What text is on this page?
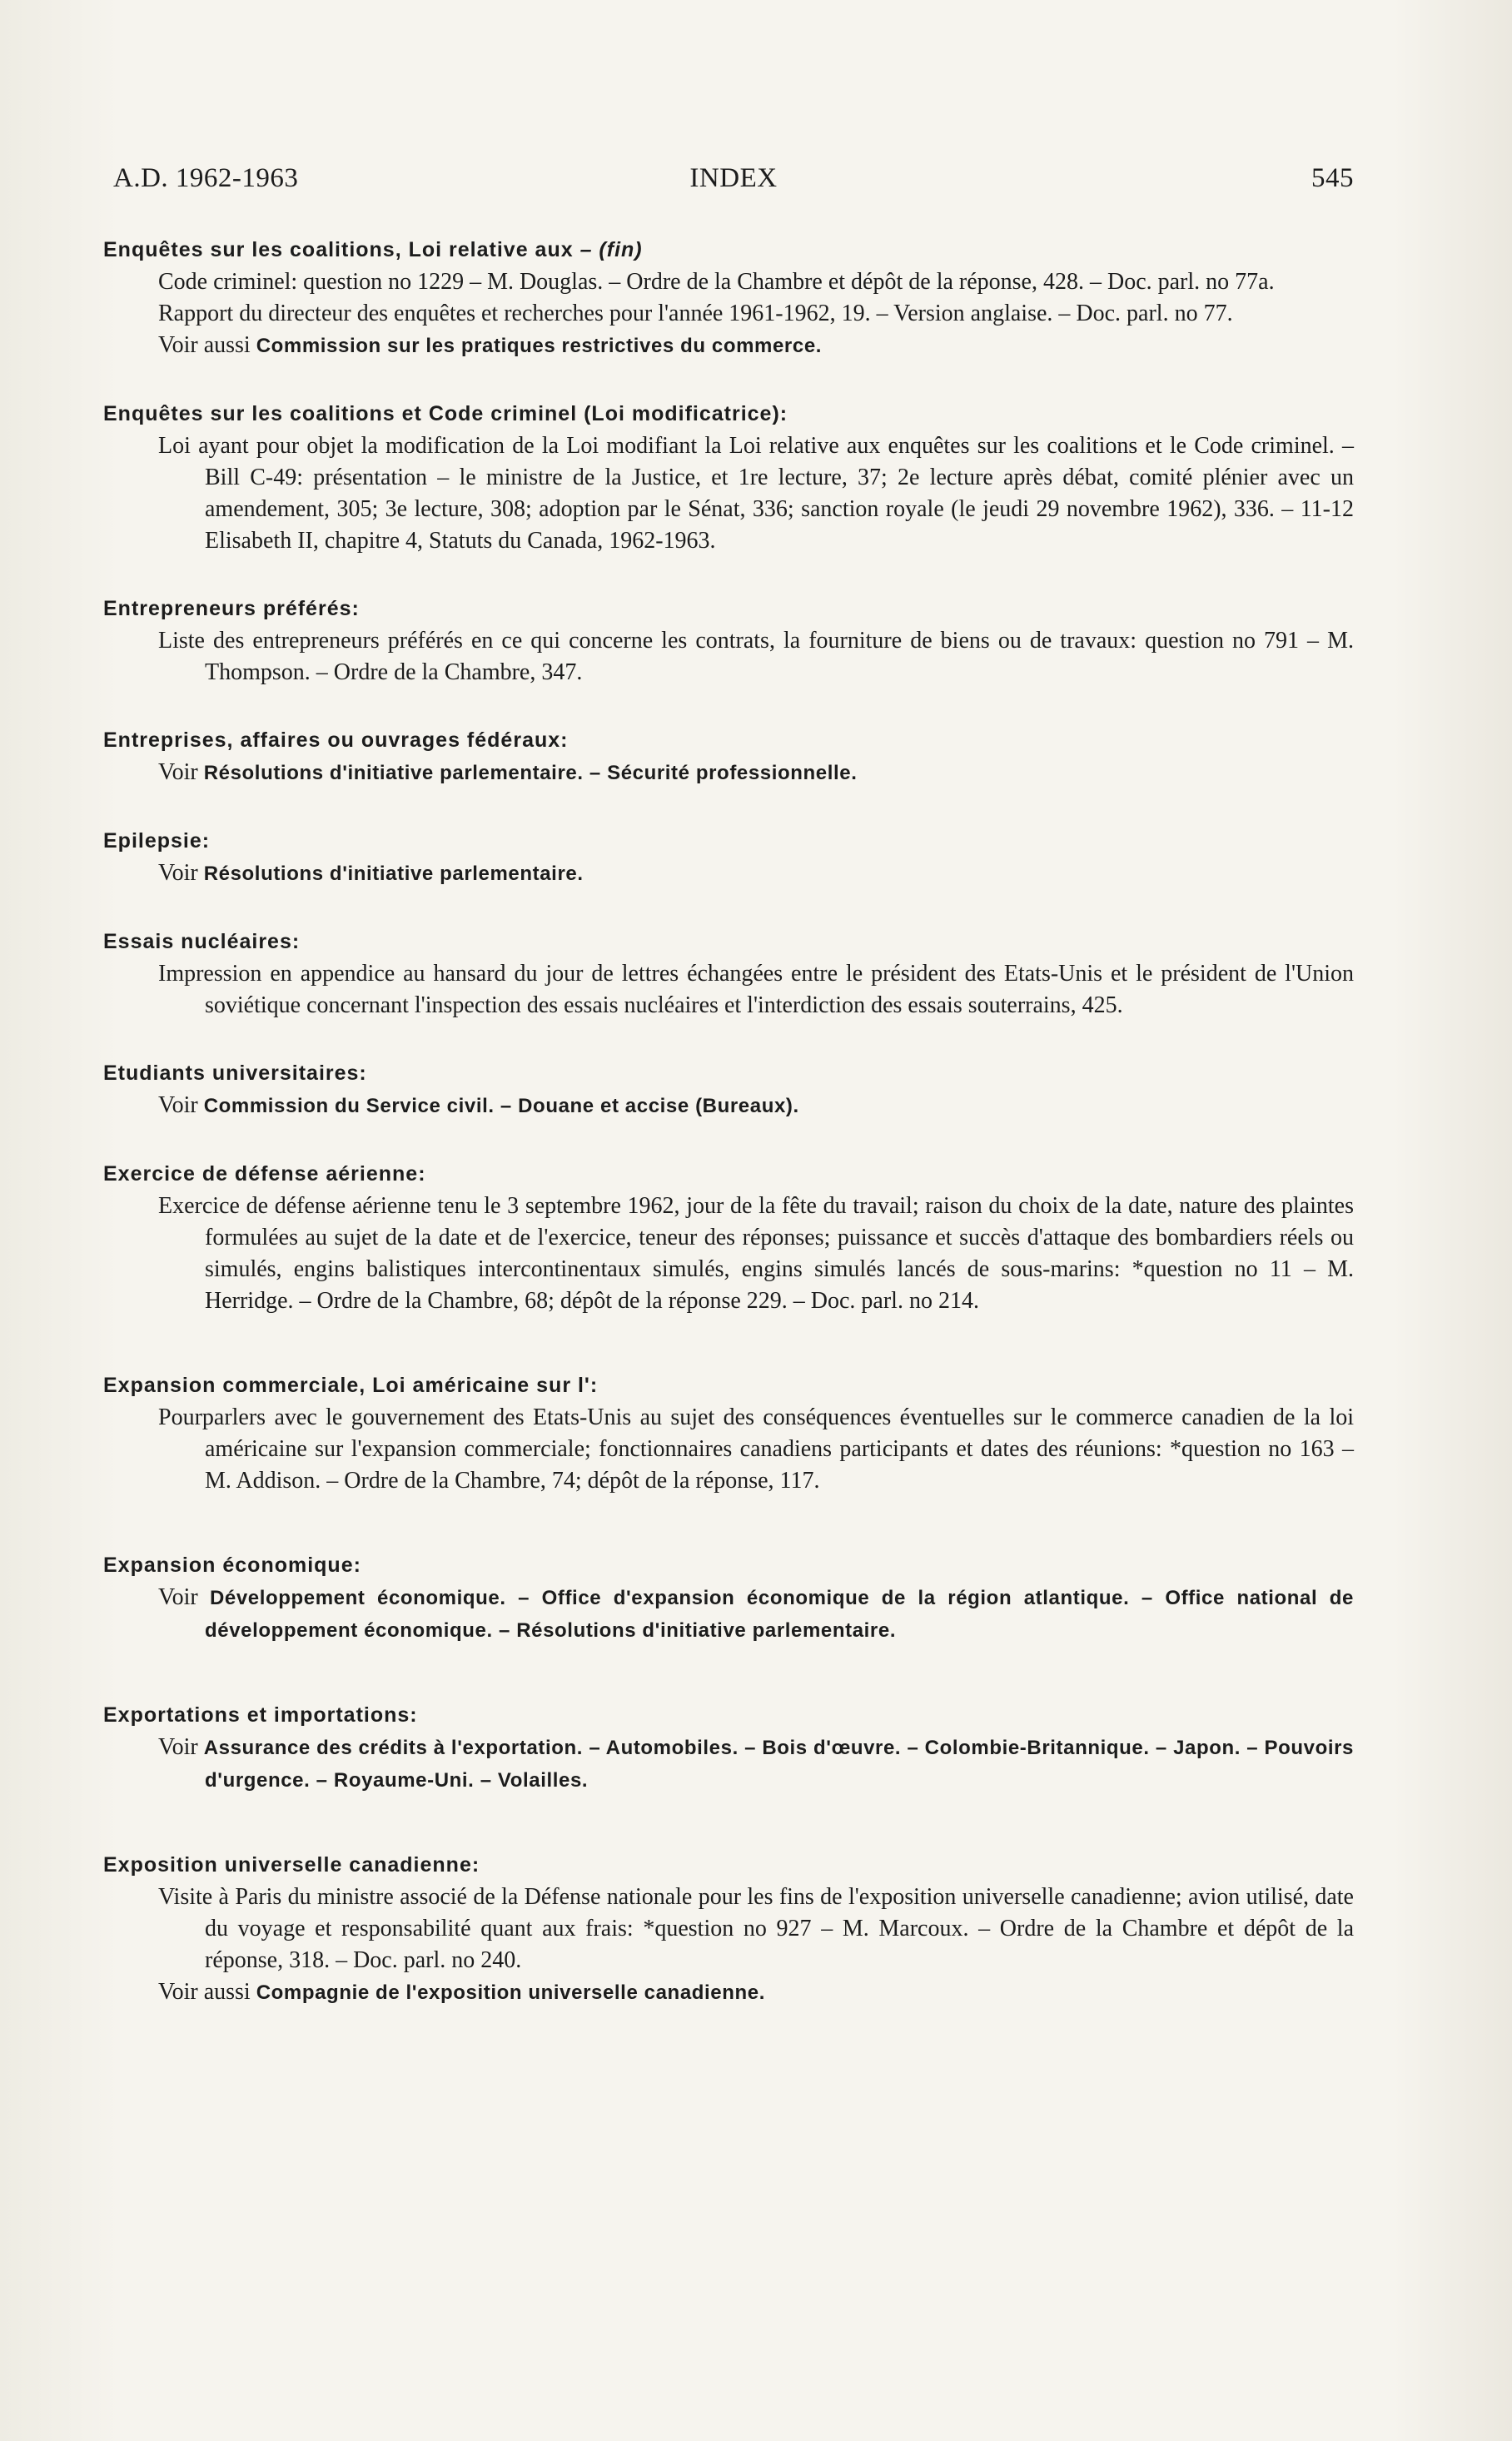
A.D. 1962-1963	INDEX	545
Enquêtes sur les coalitions, Loi relative aux – (fin)
Code criminel: question no 1229 – M. Douglas. – Ordre de la Chambre et dépôt de la réponse, 428. – Doc. parl. no 77a.
Rapport du directeur des enquêtes et recherches pour l'année 1961-1962, 19. – Version anglaise. – Doc. parl. no 77.
Voir aussi Commission sur les pratiques restrictives du commerce.
Enquêtes sur les coalitions et Code criminel (Loi modificatrice):
Loi ayant pour objet la modification de la Loi modifiant la Loi relative aux enquêtes sur les coalitions et le Code criminel. – Bill C-49: présentation – le ministre de la Justice, et 1re lecture, 37; 2e lecture après débat, comité plénier avec un amendement, 305; 3e lecture, 308; adoption par le Sénat, 336; sanction royale (le jeudi 29 novembre 1962), 336. – 11-12 Elisabeth II, chapitre 4, Statuts du Canada, 1962-1963.
Entrepreneurs préférés:
Liste des entrepreneurs préférés en ce qui concerne les contrats, la fourniture de biens ou de travaux: question no 791 – M. Thompson. – Ordre de la Chambre, 347.
Entreprises, affaires ou ouvrages fédéraux:
Voir Résolutions d'initiative parlementaire. – Sécurité professionnelle.
Epilepsie:
Voir Résolutions d'initiative parlementaire.
Essais nucléaires:
Impression en appendice au hansard du jour de lettres échangées entre le président des Etats-Unis et le président de l'Union soviétique concernant l'inspection des essais nucléaires et l'interdiction des essais souterrains, 425.
Etudiants universitaires:
Voir Commission du Service civil. – Douane et accise (Bureaux).
Exercice de défense aérienne:
Exercice de défense aérienne tenu le 3 septembre 1962, jour de la fête du travail; raison du choix de la date, nature des plaintes formulées au sujet de la date et de l'exercice, teneur des réponses; puissance et succès d'attaque des bombardiers réels ou simulés, engins balistiques intercontinentaux simulés, engins simulés lancés de sous-marins: *question no 11 – M. Herridge. – Ordre de la Chambre, 68; dépôt de la réponse 229. – Doc. parl. no 214.
Expansion commerciale, Loi américaine sur l':
Pourparlers avec le gouvernement des Etats-Unis au sujet des conséquences éventuelles sur le commerce canadien de la loi américaine sur l'expansion commerciale; fonctionnaires canadiens participants et dates des réunions: *question no 163 – M. Addison. – Ordre de la Chambre, 74; dépôt de la réponse, 117.
Expansion économique:
Voir Développement économique. – Office d'expansion économique de la région atlantique. – Office national de développement économique. – Résolutions d'initiative parlementaire.
Exportations et importations:
Voir Assurance des crédits à l'exportation. – Automobiles. – Bois d'œuvre. – Colombie-Britannique. – Japon. – Pouvoirs d'urgence. – Royaume-Uni. – Volailles.
Exposition universelle canadienne:
Visite à Paris du ministre associé de la Défense nationale pour les fins de l'exposition universelle canadienne; avion utilisé, date du voyage et responsabilité quant aux frais: *question no 927 – M. Marcoux. – Ordre de la Chambre et dépôt de la réponse, 318. – Doc. parl. no 240.
Voir aussi Compagnie de l'exposition universelle canadienne.
